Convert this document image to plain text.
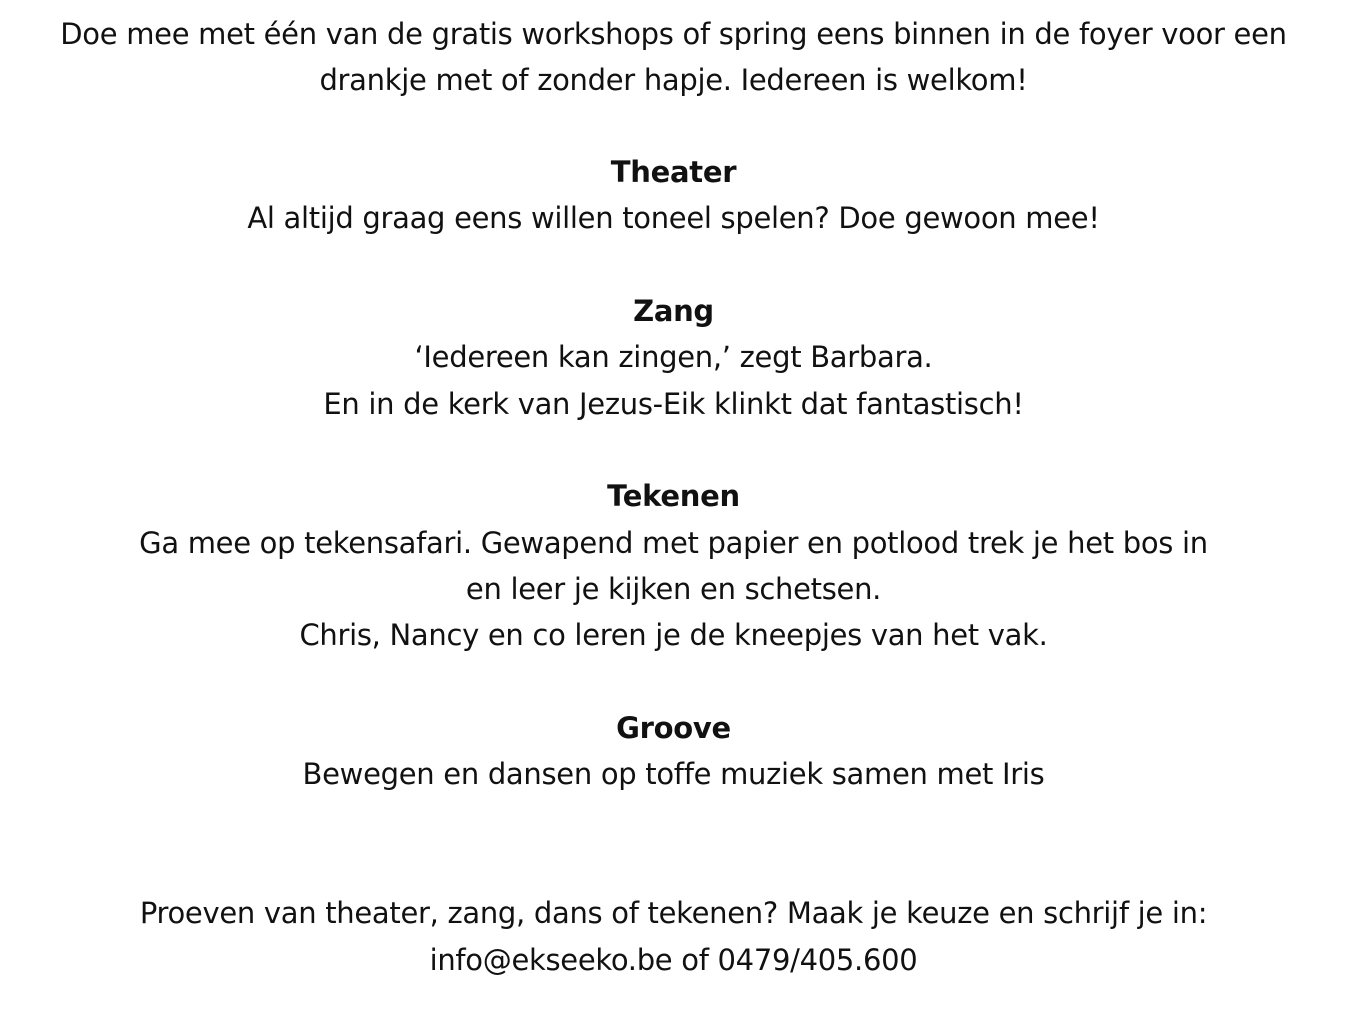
Doe mee met één van de gratis workshops of spring eens binnen in de foyer voor een
drankje met of zonder hapje. Iedereen is welkom!
Theater
Al altijd graag eens willen toneel spelen? Doe gewoon mee!
Zang
‘Iedereen kan zingen,’ zegt Barbara.
En in de kerk van Jezus-Eik klinkt dat fantastisch!
Tekenen
Ga mee op tekensafari. Gewapend met papier en potlood trek je het bos in
en leer je kijken en schetsen.
Chris, Nancy en co leren je de kneepjes van het vak.
Groove
Bewegen en dansen op toffe muziek samen met Iris
Proeven van theater, zang, dans of tekenen? Maak je keuze en schrijf je in:
info@ekseeko.be of 0479/405.600
